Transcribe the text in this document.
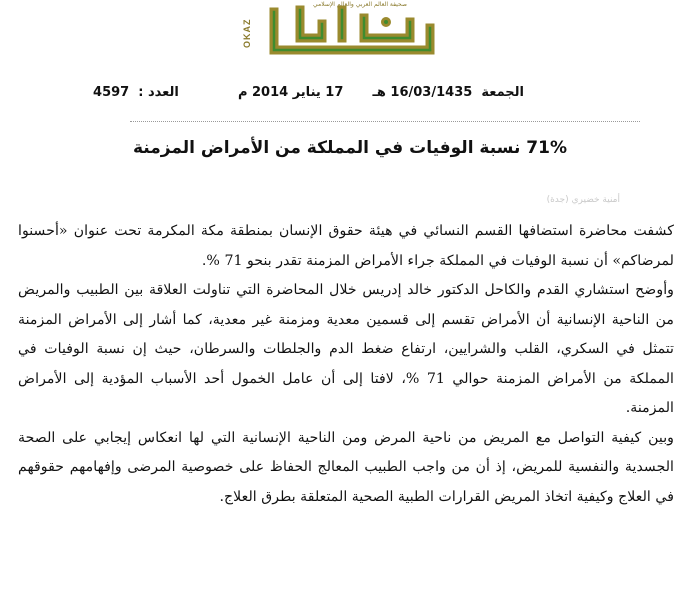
OKAZ
صحيفة العالم العربي والعالم الإسلامي
الجمعة  16/03/1435 هـ  17 يناير 2014 م  العدد :  4597
71% نسبة الوفيات في المملكة من الأمراض المزمنة
أمنية خضيري (جدة)

كشفت محاضرة استضافها القسم النسائي في هيئة حقوق الإنسان بمنطقة مكة المكرمة تحت عنوان «أحسنوا لمرضاكم» أن نسبة الوفيات في المملكة جراء الأمراض المزمنة تقدر بنحو 71 %.

وأوضح استشاري القدم والكاحل الدكتور خالد إدريس خلال المحاضرة التي تناولت العلاقة بين الطبيب والمريض من الناحية الإنسانية أن الأمراض تقسم إلى قسمين معدية ومزمنة غير معدية، كما أشار إلى الأمراض المزمنة تتمثل في السكري، القلب والشرايين، ارتفاع ضغط الدم والجلطات والسرطان، حيث إن نسبة الوفيات في المملكة من الأمراض المزمنة حوالي 71 %، لافتا إلى أن عامل الخمول أحد الأسباب المؤدية إلى الأمراض المزمنة.

وبين كيفية التواصل مع المريض من ناحية المرض ومن الناحية الإنسانية التي لها انعكاس إيجابي على الصحة الجسدية والنفسية للمريض، إذ أن من واجب الطبيب المعالج الحفاظ على خصوصية المرضى وإفهامهم حقوقهم في العلاج وكيفية اتخاذ المريض القرارات الطبية الصحية المتعلقة بطرق العلاج.
